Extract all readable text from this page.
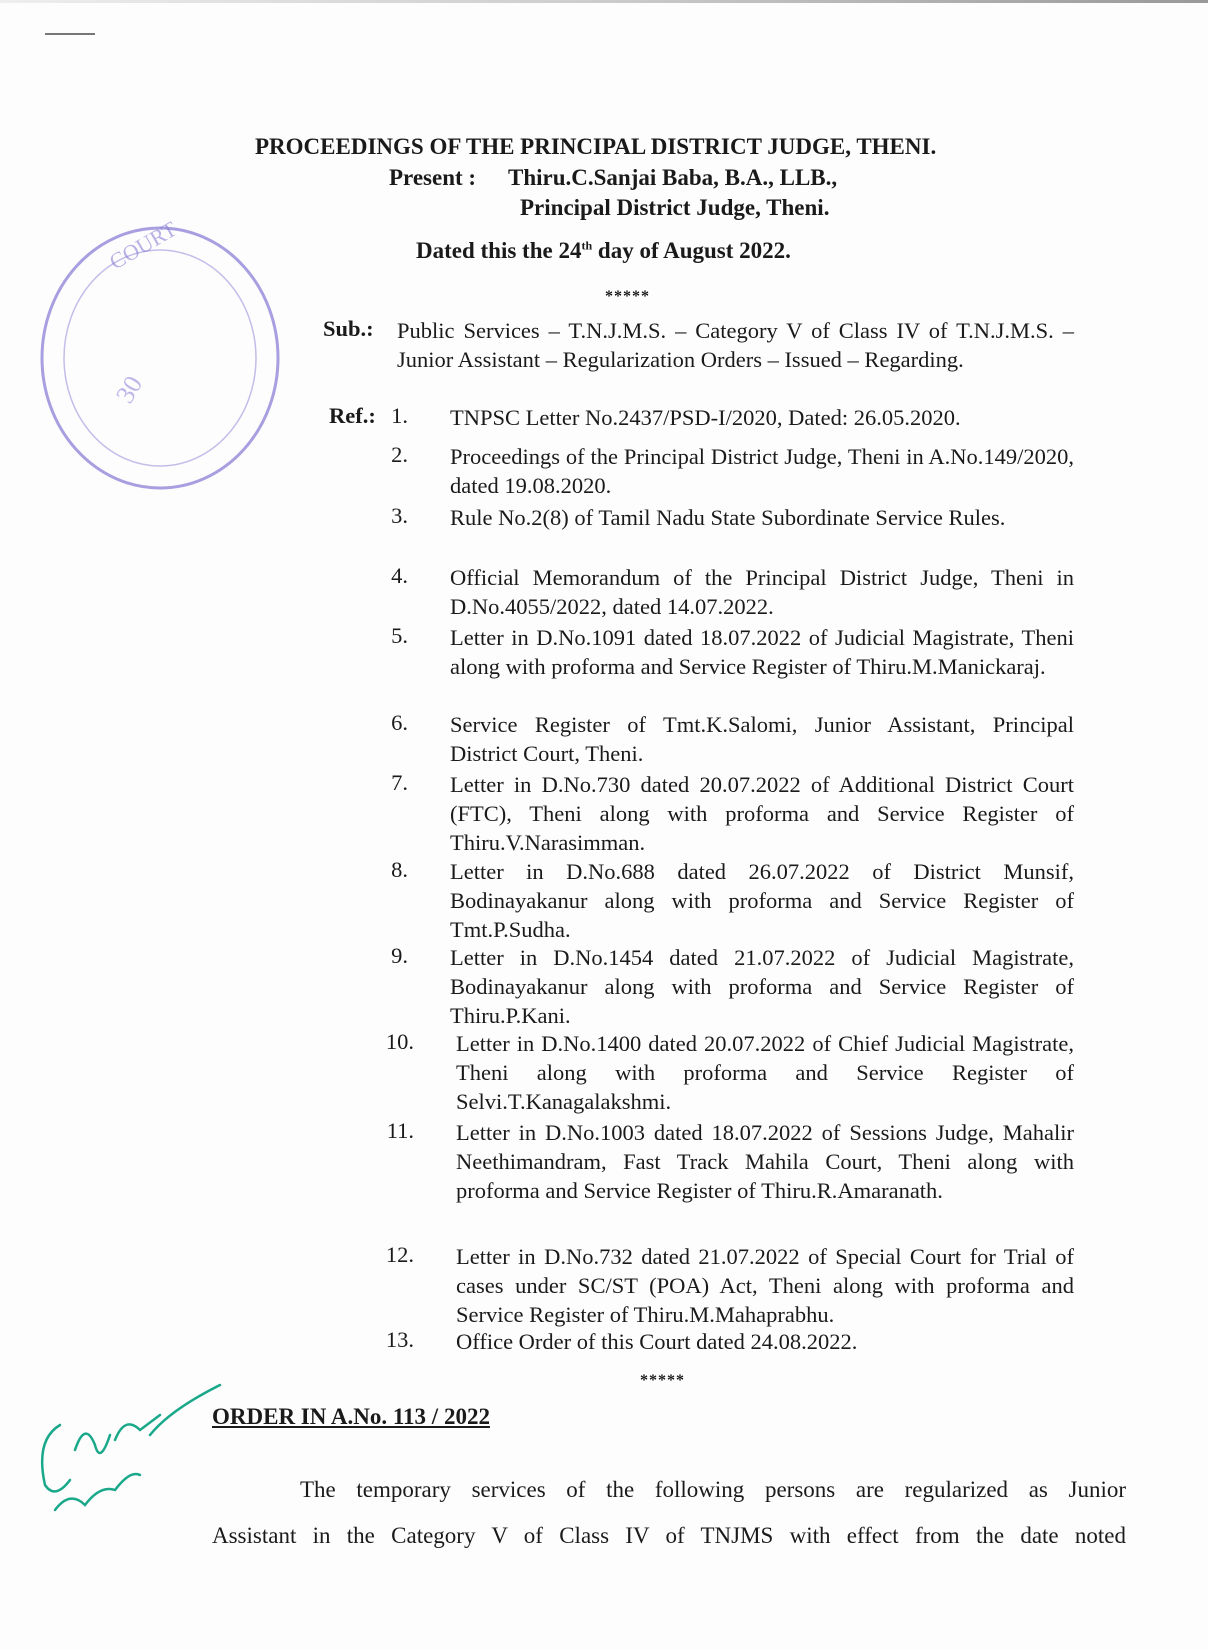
COURT
30
PROCEEDINGS OF THE PRINCIPAL DISTRICT JUDGE, THENI.
Present : Thiru.C.Sanjai Baba, B.A., LLB.,
Principal District Judge, Theni.
Dated this the 24th day of August 2022.
*****
Sub.: Public Services – T.N.J.M.S. – Category V of Class IV of T.N.J.M.S. – Junior Assistant – Regularization Orders – Issued – Regarding.
Ref.: 1. TNPSC Letter No.2437/PSD-I/2020, Dated: 26.05.2020.
2. Proceedings of the Principal District Judge, Theni in A.No.149/2020, dated 19.08.2020.
3. Rule No.2(8) of Tamil Nadu State Subordinate Service Rules.
4. Official Memorandum of the Principal District Judge, Theni in D.No.4055/2022, dated 14.07.2022.
5. Letter in D.No.1091 dated 18.07.2022 of Judicial Magistrate, Theni along with proforma and Service Register of Thiru.M.Manickaraj.
6. Service Register of Tmt.K.Salomi, Junior Assistant, Principal District Court, Theni.
7. Letter in D.No.730 dated 20.07.2022 of Additional District Court (FTC), Theni along with proforma and Service Register of Thiru.V.Narasimman.
8. Letter in D.No.688 dated 26.07.2022 of District Munsif, Bodinayakanur along with proforma and Service Register of Tmt.P.Sudha.
9. Letter in D.No.1454 dated 21.07.2022 of Judicial Magistrate, Bodinayakanur along with proforma and Service Register of Thiru.P.Kani.
10. Letter in D.No.1400 dated 20.07.2022 of Chief Judicial Magistrate, Theni along with proforma and Service Register of Selvi.T.Kanagalakshmi.
11. Letter in D.No.1003 dated 18.07.2022 of Sessions Judge, Mahalir Neethimandram, Fast Track Mahila Court, Theni along with proforma and Service Register of Thiru.R.Amaranath.
12. Letter in D.No.732 dated 21.07.2022 of Special Court for Trial of cases under SC/ST (POA) Act, Theni along with proforma and Service Register of Thiru.M.Mahaprabhu.
13. Office Order of this Court dated 24.08.2022.
*****
ORDER IN A.No. 113 / 2022
The temporary services of the following persons are regularized as Junior
Assistant in the Category V of Class IV of TNJMS with effect from the date noted
